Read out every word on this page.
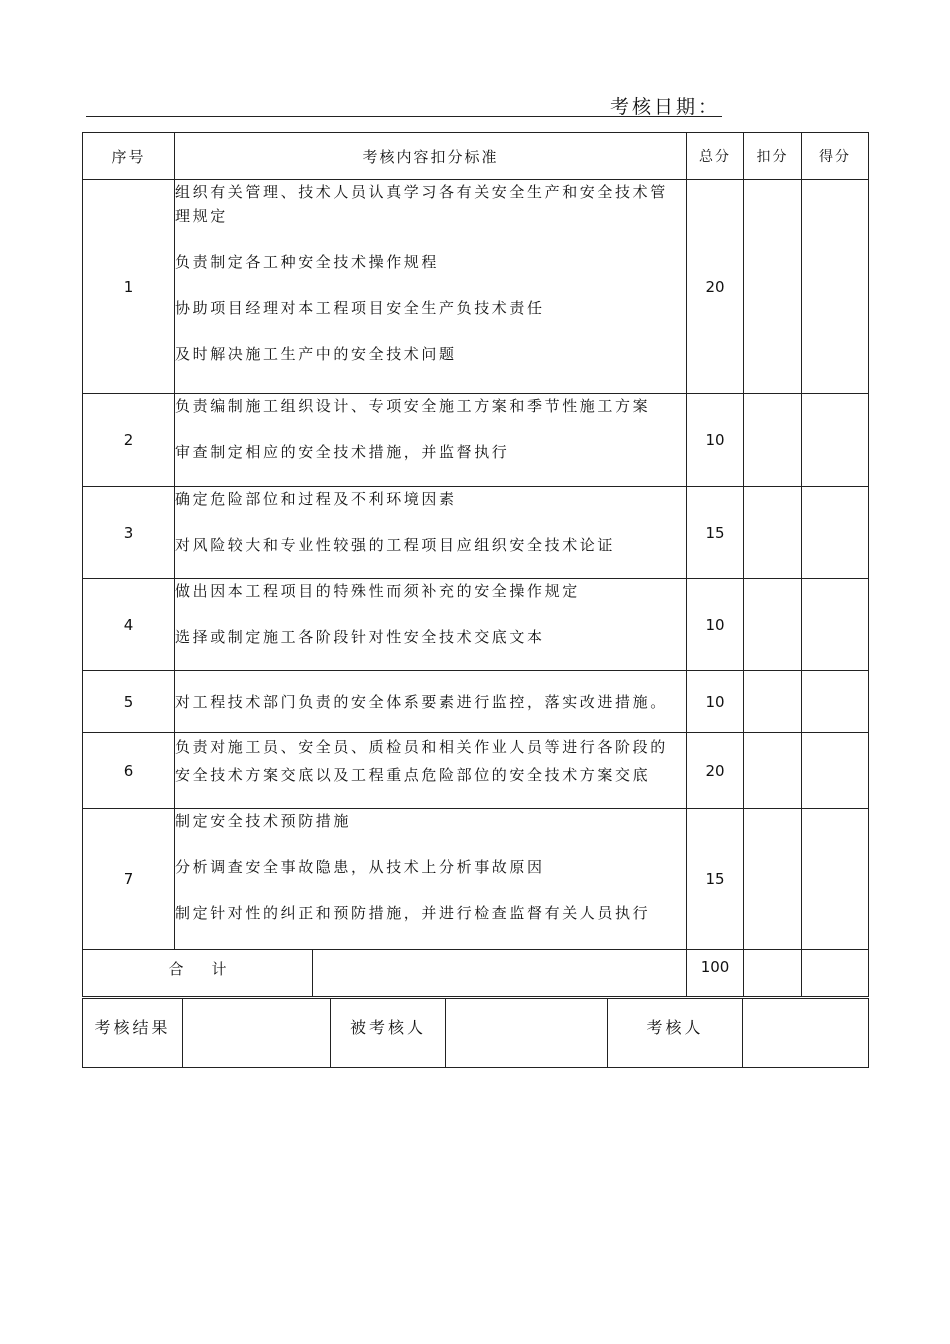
考核日期：
序号	考核内容扣分标准		总分	扣分	得分
1	组织有关管理、技术人员认真学习各有关安全生产和安全技术管
理规定
负责制定各工种安全技术操作规程
协助项目经理对本工程项目安全生产负技术责任
及时解决施工生产中的安全技术问题		20		
2	负责编制施工组织设计、专项安全施工方案和季节性施工方案
审查制定相应的安全技术措施，并监督执行		10		
3	确定危险部位和过程及不利环境因素
对风险较大和专业性较强的工程项目应组织安全技术论证		15		
4	做出因本工程项目的特殊性而须补充的安全操作规定
选择或制定施工各阶段针对性安全技术交底文本		10		
5	对工程技术部门负责的安全体系要素进行监控，落实改进措施。		10		
6	负责对施工员、安全员、质检员和相关作业人员等进行各阶段的
安全技术方案交底以及工程重点危险部位的安全技术方案交底		20		
7	制定安全技术预防措施
分析调查安全事故隐患，从技术上分析事故原因
制定针对性的纠正和预防措施，并进行检查监督有关人员执行		15		
合 计			100		
考核结果		被考核人		考核人	
